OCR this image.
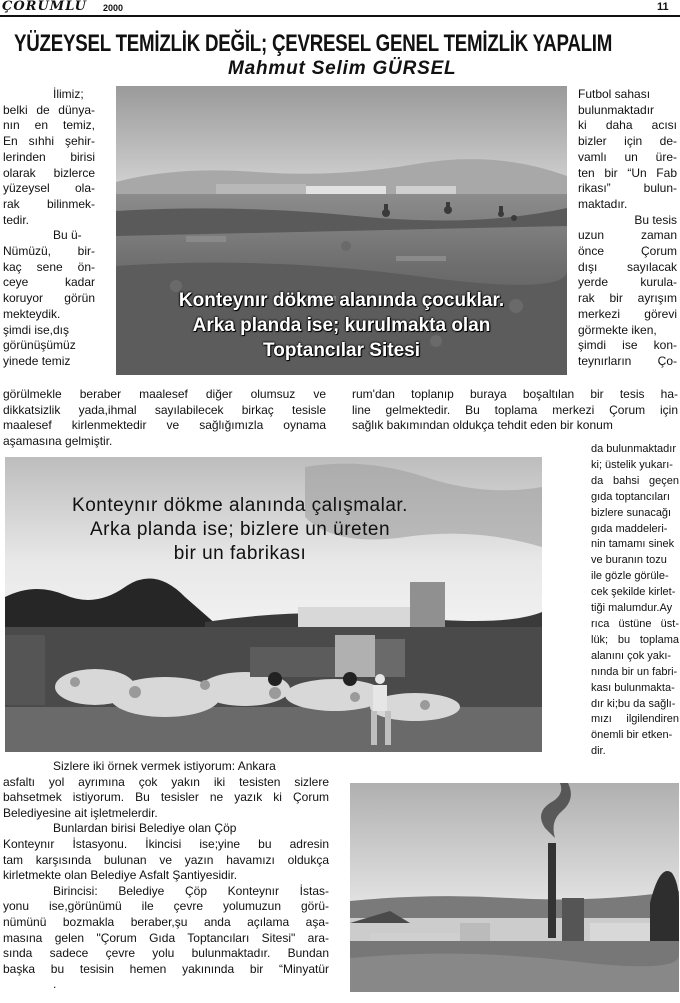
ÇORUMLU 2000	11
YÜZEYSEL TEMİZLİK DEĞİL; ÇEVRESEL GENEL TEMİZLİK YAPALIM
Mahmut Selim GÜRSEL

İlimiz;

belki de dünya-

nın en temiz,

En sıhhi şehir-

lerinden birisi

olarak bizlerce

yüzeysel ola-

rak bilinmek-

tedir.

Bu ü-

Nümüzü, bir-

kaç sene ön-

ceye kadar

koruyor görün

mekteydik.

şimdi ise,dış

görünüşümüz

yinede temiz

Konteynır dökme alanında çocuklar.
Arka planda ise; kurulmakta olan
Toptancılar Sitesi

Futbol sahası

bulunmaktadır

ki daha acısı

bizler için de-

vamlı un üre-

ten bir “Un Fab

rikası” bulun-

maktadır.

Bu tesis

uzun zaman

önce Çorum

dışı sayılacak

yerde kurula-

rak bir ayrışım

merkezi görevi

görmekte iken,

şimdi ise kon-

teynırların Ço-

görülmekle beraber maalesef diğer olumsuz ve

dikkatsizlik yada,ihmal sayılabilecek birkaç tesisle

maalesef kirlenmektedir ve sağlığımızla oynama

aşamasına gelmiştir.

rum'dan toplanıp buraya boşaltılan bir tesis ha-

line gelmektedir. Bu toplama merkezi Çorum için

sağlık bakımından oldukça tehdit eden bir konum

Konteynır dökme alanında çalışmalar.
Arka planda ise; bizlere un üreten
bir un fabrikası

da bulunmaktadır

ki; üstelik yukarı-

da bahsi geçen

gıda toptancıları

bizlere sunacağı

gıda maddeleri-

nin tamamı sinek

ve buranın tozu

ile gözle görüle-

cek şekilde kirlet-

tiği malumdur.Ay

rıca üstüne üst-

lük; bu toplama

alanını çok yakı-

nında bir un fabri-

kası bulunmakta-

dır ki;bu da sağlı-

mızı ilgilendiren

önemli bir etken-

dir.

Sizlere iki örnek vermek istiyorum: Ankara

asfaltı yol ayrımına çok yakın iki tesisten sizlere

bahsetmek istiyorum. Bu tesisler ne yazık ki Çorum

Belediyesine ait işletmelerdir.

Bunlardan birisi Belediye olan Çöp

Konteynır İstasyonu. İkincisi ise;yine bu adresin

tam karşısında bulunan ve yazın havamızı oldukça

kirletmekte olan Belediye Asfalt Şantiyesidir.

Birincisi: Belediye Çöp Konteynır İstas-

yonu ise,görünümü ile çevre yolumuzun görü-

nümünü bozmakla beraber,şu anda açılama aşa-

masına gelen "Çorum Gıda Toptancıları Sitesi" ara-

sında sadece çevre yolu bulunmaktadır. Bundan

başka bu tesisin hemen yakınında bir “Minyatür

.
